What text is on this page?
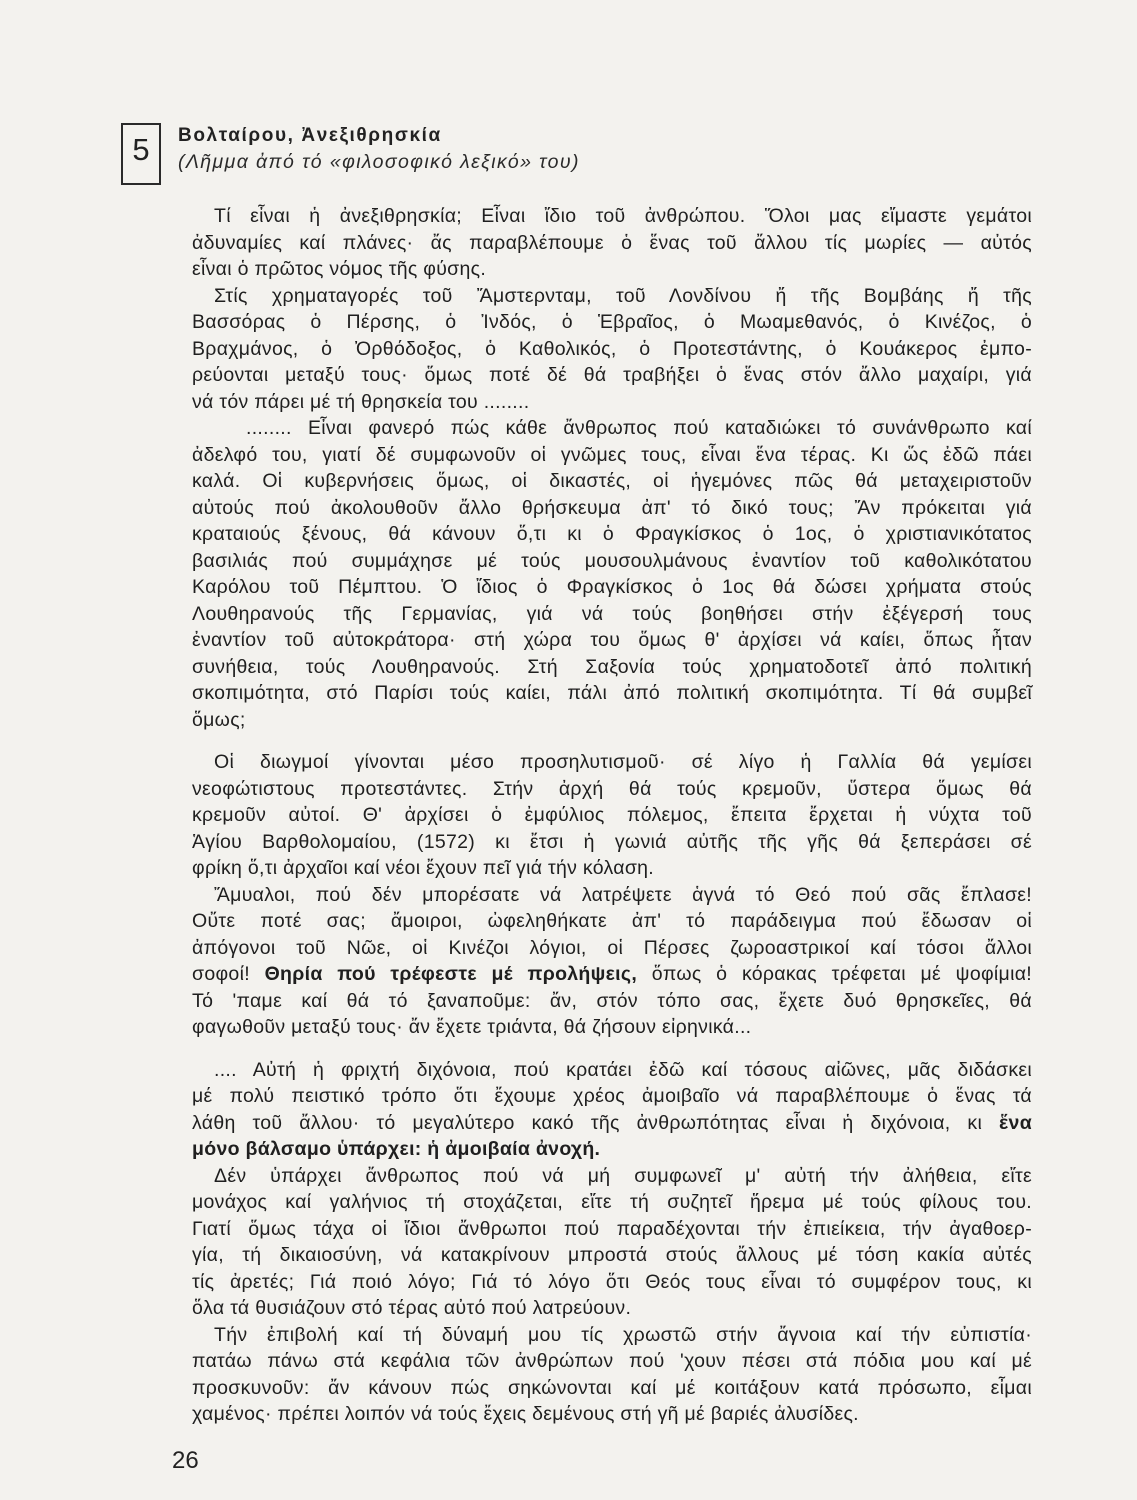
5	Βολταίρου, Ἀνεξιθρησκία
(Λῆμμα ἀπό τό «φιλοσοφικό λεξικό» του)
Τί εἶναι ἡ ἀνεξιθρησκία; Εἶναι ἴδιο τοῦ ἀνθρώπου. Ὅλοι μας εἴμαστε γεμάτοι
ἀδυναμίες καί πλάνες· ἄς παραβλέπουμε ὁ ἕνας τοῦ ἄλλου τίς μωρίες — αὐτός
εἶναι ὁ πρῶτος νόμος τῆς φύσης.
Στίς χρηματαγορές τοῦ Ἄμστερνταμ, τοῦ Λονδίνου ἤ τῆς Βομβάης ἤ τῆς
Βασσόρας ὁ Πέρσης, ὁ Ἰνδός, ὁ Ἑβραῖος, ὁ Μωαμεθανός, ὁ Κινέζος, ὁ
Βραχμάνος, ὁ Ὀρθόδοξος, ὁ Καθολικός, ὁ Προτεστάντης, ὁ Κουάκερος ἐμπο-
ρεύονται μεταξύ τους· ὅμως ποτέ δέ θά τραβήξει ὁ ἕνας στόν ἄλλο μαχαίρι, γιά
νά τόν πάρει μέ τή θρησκεία του ........
........ Εἶναι φανερό πώς κάθε ἄνθρωπος πού καταδιώκει τό συνάνθρωπο καί
ἀδελφό του, γιατί δέ συμφωνοῦν οἱ γνῶμες τους, εἶναι ἕνα τέρας. Κι ὥς ἐδῶ πάει
καλά. Οἱ κυβερνήσεις ὅμως, οἱ δικαστές, οἱ ἡγεμόνες πῶς θά μεταχειριστοῦν
αὐτούς πού ἀκολουθοῦν ἄλλο θρήσκευμα ἀπ' τό δικό τους; Ἄν πρόκειται γιά
κραταιούς ξένους, θά κάνουν ὅ,τι κι ὁ Φραγκίσκος ὁ 1ος, ὁ χριστιανικότατος
βασιλιάς πού συμμάχησε μέ τούς μουσουλμάνους ἐναντίον τοῦ καθολικότατου
Καρόλου τοῦ Πέμπτου. Ὁ ἴδιος ὁ Φραγκίσκος ὁ 1ος θά δώσει χρήματα στούς
Λουθηρανούς τῆς Γερμανίας, γιά νά τούς βοηθήσει στήν ἐξέγερσή τους
ἐναντίον τοῦ αὐτοκράτορα· στή χώρα του ὅμως θ' ἀρχίσει νά καίει, ὅπως ἦταν
συνήθεια, τούς Λουθηρανούς. Στή Σαξονία τούς χρηματοδοτεῖ ἀπό πολιτική
σκοπιμότητα, στό Παρίσι τούς καίει, πάλι ἀπό πολιτική σκοπιμότητα. Τί θά συμβεῖ
ὅμως;
Οἱ διωγμοί γίνονται μέσο προσηλυτισμοῦ· σέ λίγο ἡ Γαλλία θά γεμίσει
νεοφώτιστους προτεστάντες. Στήν ἀρχή θά τούς κρεμοῦν, ὕστερα ὅμως θά
κρεμοῦν αὐτοί. Θ' ἀρχίσει ὁ ἐμφύλιος πόλεμος, ἔπειτα ἔρχεται ἡ νύχτα τοῦ
Ἁγίου Βαρθολομαίου, (1572) κι ἔτσι ἡ γωνιά αὐτῆς τῆς γῆς θά ξεπεράσει σέ
φρίκη ὅ,τι ἀρχαῖοι καί νέοι ἔχουν πεῖ γιά τήν κόλαση.
Ἄμυαλοι, πού δέν μπορέσατε νά λατρέψετε ἁγνά τό Θεό πού σᾶς ἔπλασε!
Οὔτε ποτέ σας; ἄμοιροι, ὠφεληθήκατε ἀπ' τό παράδειγμα πού ἔδωσαν οἱ
ἀπόγονοι τοῦ Νῶε, οἱ Κινέζοι λόγιοι, οἱ Πέρσες ζωροαστρικοί καί τόσοι ἄλλοι
σοφοί! Θηρία πού τρέφεστε μέ προλήψεις, ὅπως ὁ κόρακας τρέφεται μέ ψοφίμια!
Τό 'παμε καί θά τό ξαναποῦμε: ἄν, στόν τόπο σας, ἔχετε δυό θρησκεῖες, θά
φαγωθοῦν μεταξύ τους· ἄν ἔχετε τριάντα, θά ζήσουν εἰρηνικά...
.... Αὐτή ἡ φριχτή διχόνοια, πού κρατάει ἐδῶ καί τόσους αἰῶνες, μᾶς διδάσκει
μέ πολύ πειστικό τρόπο ὅτι ἔχουμε χρέος ἀμοιβαῖο νά παραβλέπουμε ὁ ἕνας τά
λάθη τοῦ ἄλλου· τό μεγαλύτερο κακό τῆς ἀνθρωπότητας εἶναι ἡ διχόνοια, κι ἕνα
μόνο βάλσαμο ὑπάρχει: ἡ ἀμοιβαία ἀνοχή.
Δέν ὑπάρχει ἄνθρωπος πού νά μή συμφωνεῖ μ' αὐτή τήν ἀλήθεια, εἴτε
μονάχος καί γαλήνιος τή στοχάζεται, εἴτε τή συζητεῖ ἥρεμα μέ τούς φίλους του.
Γιατί ὅμως τάχα οἱ ἴδιοι ἄνθρωποι πού παραδέχονται τήν ἐπιείκεια, τήν ἀγαθοερ-
γία, τή δικαιοσύνη, νά κατακρίνουν μπροστά στούς ἄλλους μέ τόση κακία αὐτές
τίς ἀρετές; Γιά ποιό λόγο; Γιά τό λόγο ὅτι Θεός τους εἶναι τό συμφέρον τους, κι
ὅλα τά θυσιάζουν στό τέρας αὐτό πού λατρεύουν.
Τήν ἐπιβολή καί τή δύναμή μου τίς χρωστῶ στήν ἄγνοια καί τήν εὐπιστία·
πατάω πάνω στά κεφάλια τῶν ἀνθρώπων πού 'χουν πέσει στά πόδια μου καί μέ
προσκυνοῦν: ἄν κάνουν πώς σηκώνονται καί μέ κοιτάξουν κατά πρόσωπο, εἶμαι
χαμένος· πρέπει λοιπόν νά τούς ἔχεις δεμένους στή γῆ μέ βαριές ἀλυσίδες.
26
